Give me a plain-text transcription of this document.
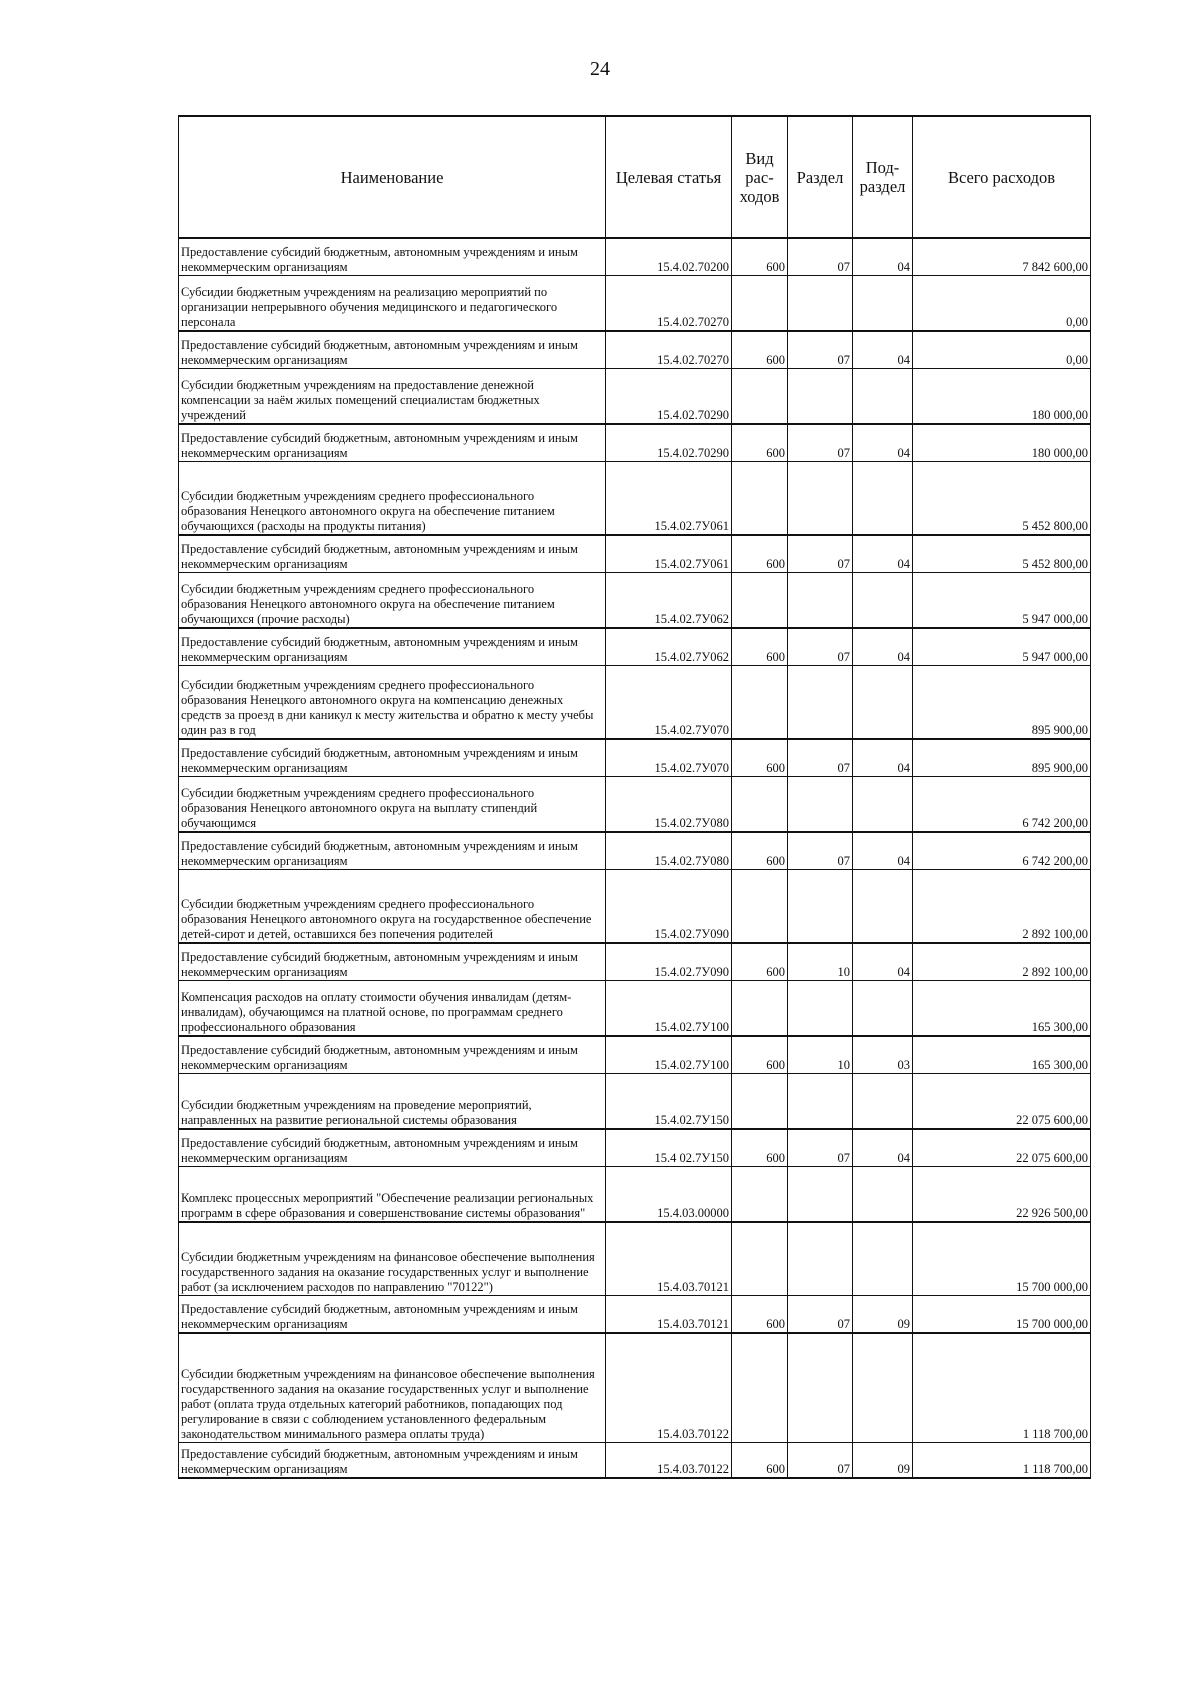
24
Наименование	Целевая статья	Вид рас-ходов	Раздел	Под-раздел	Всего расходов
Предоставление субсидий бюджетным, автономным учреждениям и иным некоммерческим организациям	15.4.02.70200	600	07	04	7 842 600,00
Субсидии бюджетным учреждениям на реализацию мероприятий по организации непрерывного обучения медицинского и педагогического персонала	15.4.02.70270				0,00
Предоставление субсидий бюджетным, автономным учреждениям и иным некоммерческим организациям	15.4.02.70270	600	07	04	0,00
Субсидии бюджетным учреждениям на предоставление денежной компенсации за наём жилых помещений специалистам бюджетных учреждений	15.4.02.70290				180 000,00
Предоставление субсидий бюджетным, автономным учреждениям и иным некоммерческим организациям	15.4.02.70290	600	07	04	180 000,00
Субсидии бюджетным учреждениям среднего профессионального образования Ненецкого автономного округа на обеспечение питанием обучающихся (расходы на продукты питания)	15.4.02.7У061				5 452 800,00
Предоставление субсидий бюджетным, автономным учреждениям и иным некоммерческим организациям	15.4.02.7У061	600	07	04	5 452 800,00
Субсидии бюджетным учреждениям среднего профессионального образования Ненецкого автономного округа на обеспечение питанием обучающихся (прочие расходы)	15.4.02.7У062				5 947 000,00
Предоставление субсидий бюджетным, автономным учреждениям и иным некоммерческим организациям	15.4.02.7У062	600	07	04	5 947 000,00
Субсидии бюджетным учреждениям среднего профессионального образования Ненецкого автономного округа на компенсацию денежных средств за проезд в дни каникул к месту жительства и обратно к месту учебы один раз в год	15.4.02.7У070				895 900,00
Предоставление субсидий бюджетным, автономным учреждениям и иным некоммерческим организациям	15.4.02.7У070	600	07	04	895 900,00
Субсидии бюджетным учреждениям среднего профессионального образования Ненецкого автономного округа на выплату стипендий обучающимся	15.4.02.7У080				6 742 200,00
Предоставление субсидий бюджетным, автономным учреждениям и иным некоммерческим организациям	15.4.02.7У080	600	07	04	6 742 200,00
Субсидии бюджетным учреждениям среднего профессионального образования Ненецкого автономного округа на государственное обеспечение детей-сирот и детей, оставшихся без попечения родителей	15.4.02.7У090				2 892 100,00
Предоставление субсидий бюджетным, автономным учреждениям и иным некоммерческим организациям	15.4.02.7У090	600	10	04	2 892 100,00
Компенсация расходов на оплату стоимости обучения инвалидам (детям-инвалидам), обучающимся на платной основе, по программам среднего профессионального образования	15.4.02.7У100				165 300,00
Предоставление субсидий бюджетным, автономным учреждениям и иным некоммерческим организациям	15.4.02.7У100	600	10	03	165 300,00
Субсидии бюджетным учреждениям на проведение мероприятий, направленных на развитие региональной системы образования	15.4.02.7У150				22 075 600,00
Предоставление субсидий бюджетным, автономным учреждениям и иным некоммерческим организациям	15.4 02.7У150	600	07	04	22 075 600,00
Комплекс процессных мероприятий "Обеспечение реализации региональных программ в сфере образования и совершенствование системы образования"	15.4.03.00000				22 926 500,00
Субсидии бюджетным учреждениям на финансовое обеспечение выполнения государственного задания на оказание государственных услуг и выполнение работ (за исключением расходов по направлению "70122")	15.4.03.70121				15 700 000,00
Предоставление субсидий бюджетным, автономным учреждениям и иным некоммерческим организациям	15.4.03.70121	600	07	09	15 700 000,00
Субсидии бюджетным учреждениям на финансовое обеспечение выполнения государственного задания на оказание государственных услуг и выполнение работ (оплата труда отдельных категорий работников, попадающих под регулирование в связи с соблюдением установленного федеральным законодательством минимального размера оплаты труда)	15.4.03.70122				1 118 700,00
Предоставление субсидий бюджетным, автономным учреждениям и иным некоммерческим организациям	15.4.03.70122	600	07	09	1 118 700,00
